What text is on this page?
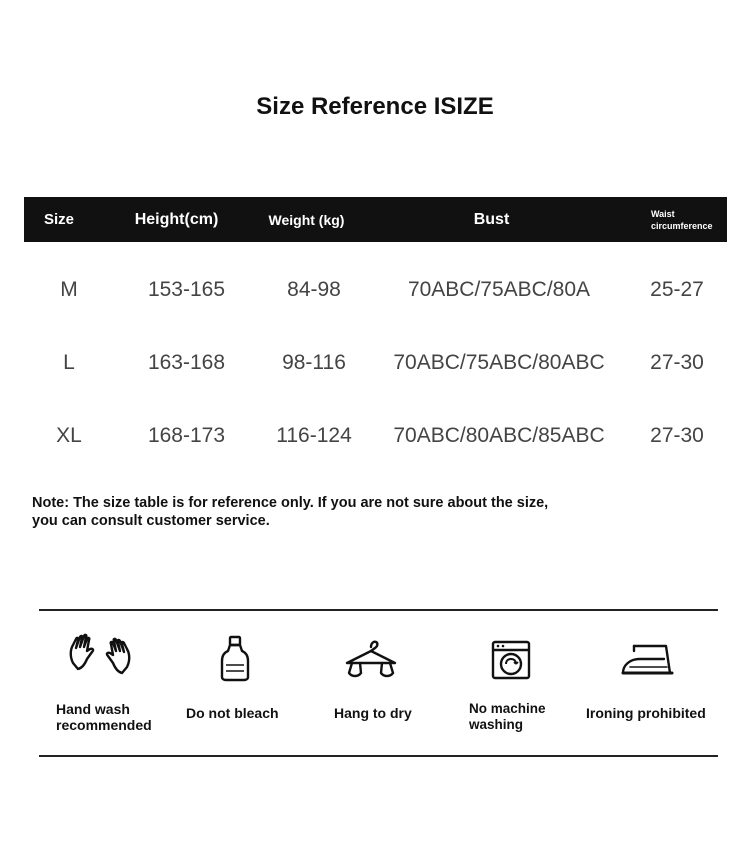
Size Reference ISIZE
Size	Height(cm)	Weight (kg)	Bust	Waist circumference
M	153-165	84-98	70ABC/75ABC/80A	25-27
L	163-168	98-116	70ABC/75ABC/80ABC	27-30
XL	168-173	116-124	70ABC/80ABC/85ABC	27-30
Note: The size table is for reference only. If you are not sure about the size, you can consult customer service.
Hand wash recommended
Do not bleach	Hang to dry	No machine washing
Ironing prohibited
